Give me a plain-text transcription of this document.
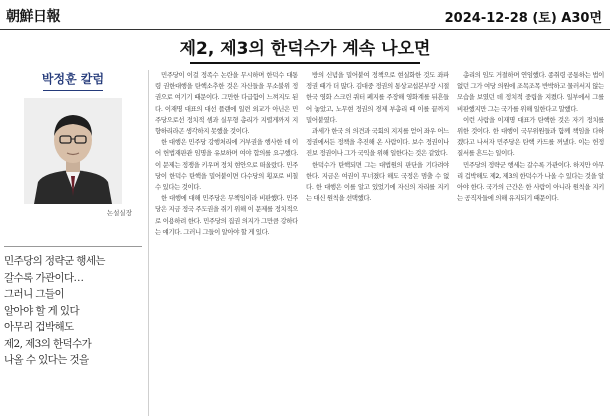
朝鮮日報	2024-12-28 (토) A30면
제2, 제3의 한덕수가 계속 나오면
박정훈 칼럼
논설실장

민주당의 정략군 행세는

갈수록 가관이다…

그러니 그들이

알아야 할 게 있다

아무리 겁박해도

제2, 제3의 한덕수가

나올 수 있다는 것을

민주당이 이걸 정족수 논란을 무시하며 한덕수 대통령 권한대행을 탄핵소추한 것은 자신들을 무소불위 정권으로 여기기 때문이다. 그만한 다급함이 느껴지도 된다. 이재명 대표의 대선 플랜에 일련 외교가 아닌은 민주당으로선 정치적 셈과 실무형 총리가 지렬게까지 지향하리라곤 생각하지 못했을 것이다.

한 대행은 민주당 강행처리에 거부권을 행사한 데 이어 헌법재판관 임명을 유보하며 여야 합의를 요구했다. 이 문제는 정쟁을 키우며 정치 현안으로 떠올랐다. 민주당이 한덕수 탄핵을 밀어붙이면 다수당의 횡포로 비칠 수 있다는 것이다.

한 대행에 대해 민주당은 무책임이라 비판했다. 민주당은 지금 정국 주도권을 쥐기 위해 이 문제를 정치적으로 이용하려 한다. 민주당의 집권 의지가 그만큼 강하다는 얘기다. 그러니 그들이 알아야 할 게 있다.

방의 신념을 밀어붙여 정책으로 현실화한 것도 좌파 정권 때가 더 많다. 김대중 정권의 통상교섭본부장 시절 한국 영화 스크린 쿼터 폐지를 주장해 영화계를 뒤흔들어 놓았고, 노무현 정권의 경제 부총리 때 이를 끝까지 밀어붙였다.

과세가 한국 의 의견과 국회의 지지를 얻어 좌우 어느 정권에서든 정책을 추진해 온 사람이다. 보수 정권이나 진보 정권이나 그가 국익을 위해 일한다는 것은 같았다.

한덕수가 탄핵되면 그는 대법원의 판단을 기다려야 한다. 지금은 여권이 무너졌다 해도 국정은 멈출 수 없다. 한 대행은 이를 알고 있었기에 자신의 자리를 지키는 대신 원칙을 선택했다.

총리의 임도 거절하며 연임했다. 종취령 공통하는 법이 없던 그가 여당 의원에 조목조목 반박하고 물러서지 않는 모습을 보였던 데 정치적 중립을 지켰다. 일부에서 그를 비판했지만 그는 국가를 위해 일한다고 말했다.

이런 사람을 이재명 대표가 탄핵한 것은 자기 정치를 위한 것이다. 한 대행이 국무위원들과 함께 책임을 다하겠다고 나서자 민주당은 탄핵 카드를 꺼냈다. 이는 헌정 질서를 흔드는 일이다.

민주당의 정략군 행세는 갈수록 가관이다. 하지만 아무리 겁박해도 제2, 제3의 한덕수가 나올 수 있다는 것을 알아야 한다. 국가의 근간은 한 사람이 아니라 원칙을 지키는 공직자들에 의해 유지되기 때문이다.
